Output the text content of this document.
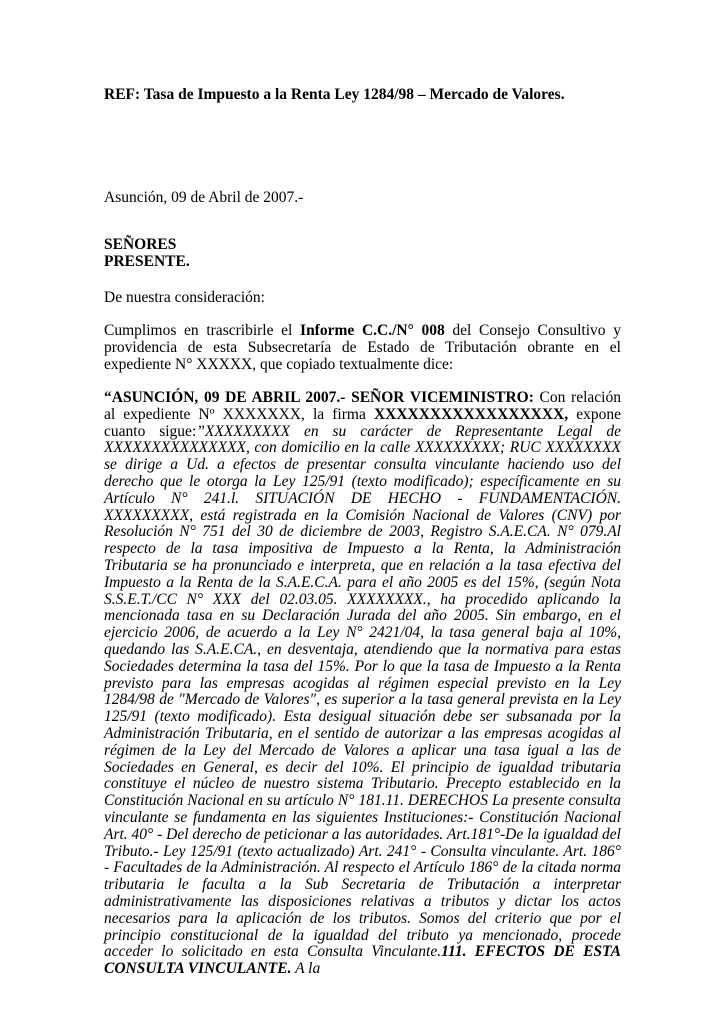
REF: Tasa de Impuesto a la Renta Ley 1284/98 – Mercado de Valores.
Asunción, 09 de Abril de 2007.-
SEÑORES
PRESENTE.
De nuestra consideración:
Cumplimos en trascribirle el Informe C.C./N° 008 del Consejo Consultivo y providencia de esta Subsecretaría de Estado de Tributación obrante en el expediente N° XXXXX, que copiado textualmente dice:
“ASUNCIÓN, 09 DE ABRIL 2007.- SEÑOR VICEMINISTRO: Con relación al expediente Nº XXXXXXX, la firma XXXXXXXXXXXXXXXXX, expone cuanto sigue:”XXXXXXXXX en su carácter de Representante Legal de XXXXXXXXXXXXXXX, con domicilio en la calle XXXXXXXXX; RUC XXXXXXXX se dirige a Ud. a efectos de presentar consulta vinculante haciendo uso del derecho que le otorga la Ley 125/91 (texto modificado); específicamente en su Artículo N° 241.l. SITUACIÓN DE HECHO - FUNDAMENTACIÓN. XXXXXXXXX, está registrada en la Comisión Nacional de Valores (CNV) por Resolución N° 751 del 30 de diciembre de 2003, Registro S.A.E.CA. N° 079.Al respecto de la tasa impositiva de Impuesto a la Renta, la Administración Tributaria se ha pronunciado e interpreta, que en relación a la tasa efectiva del Impuesto a la Renta de la S.A.E.C.A. para el año 2005 es del 15%, (según Nota S.S.E.T./CC N° XXX del 02.03.05. XXXXXXXX., ha procedido aplicando la mencionada tasa en su Declaración Jurada del año 2005. Sin embargo, en el ejercicio 2006, de acuerdo a la Ley N° 2421/04, la tasa general baja al 10%, quedando las S.A.E.CA., en desventaja, atendiendo que la normativa para estas Sociedades determina la tasa del 15%. Por lo que la tasa de Impuesto a la Renta previsto para las empresas acogidas al régimen especial previsto en la Ley 1284/98 de "Mercado de Valores", es superior a la tasa general prevista en la Ley 125/91 (texto modificado). Esta desigual situación debe ser subsanada por la Administración Tributaria, en el sentido de autorizar a las empresas acogidas al régimen de la Ley del Mercado de Valores a aplicar una tasa igual a las de Sociedades en General, es decir del 10%. El principio de igualdad tributaria constituye el núcleo de nuestro sistema Tributario. Precepto establecido en la Constitución Nacional en su artículo N° 181.11. DERECHOS La presente consulta vinculante se fundamenta en las siguientes Instituciones:- Constitución Nacional Art. 40° - Del derecho de peticionar a las autoridades. Art.181°-De la igualdad del Tributo.- Ley 125/91 (texto actualizado) Art. 241° - Consulta vinculante. Art. 186° - Facultades de la Administración. Al respecto el Artículo 186° de la citada norma tributaria le faculta a la Sub Secretaria de Tributación a interpretar administrativamente las disposiciones relativas a tributos y dictar los actos necesarios para la aplicación de los tributos. Somos del criterio que por el principio constitucional de la igualdad del tributo ya mencionado, procede acceder lo solicitado en esta Consulta Vinculante.111. EFECTOS DE ESTA CONSULTA VINCULANTE. A la
